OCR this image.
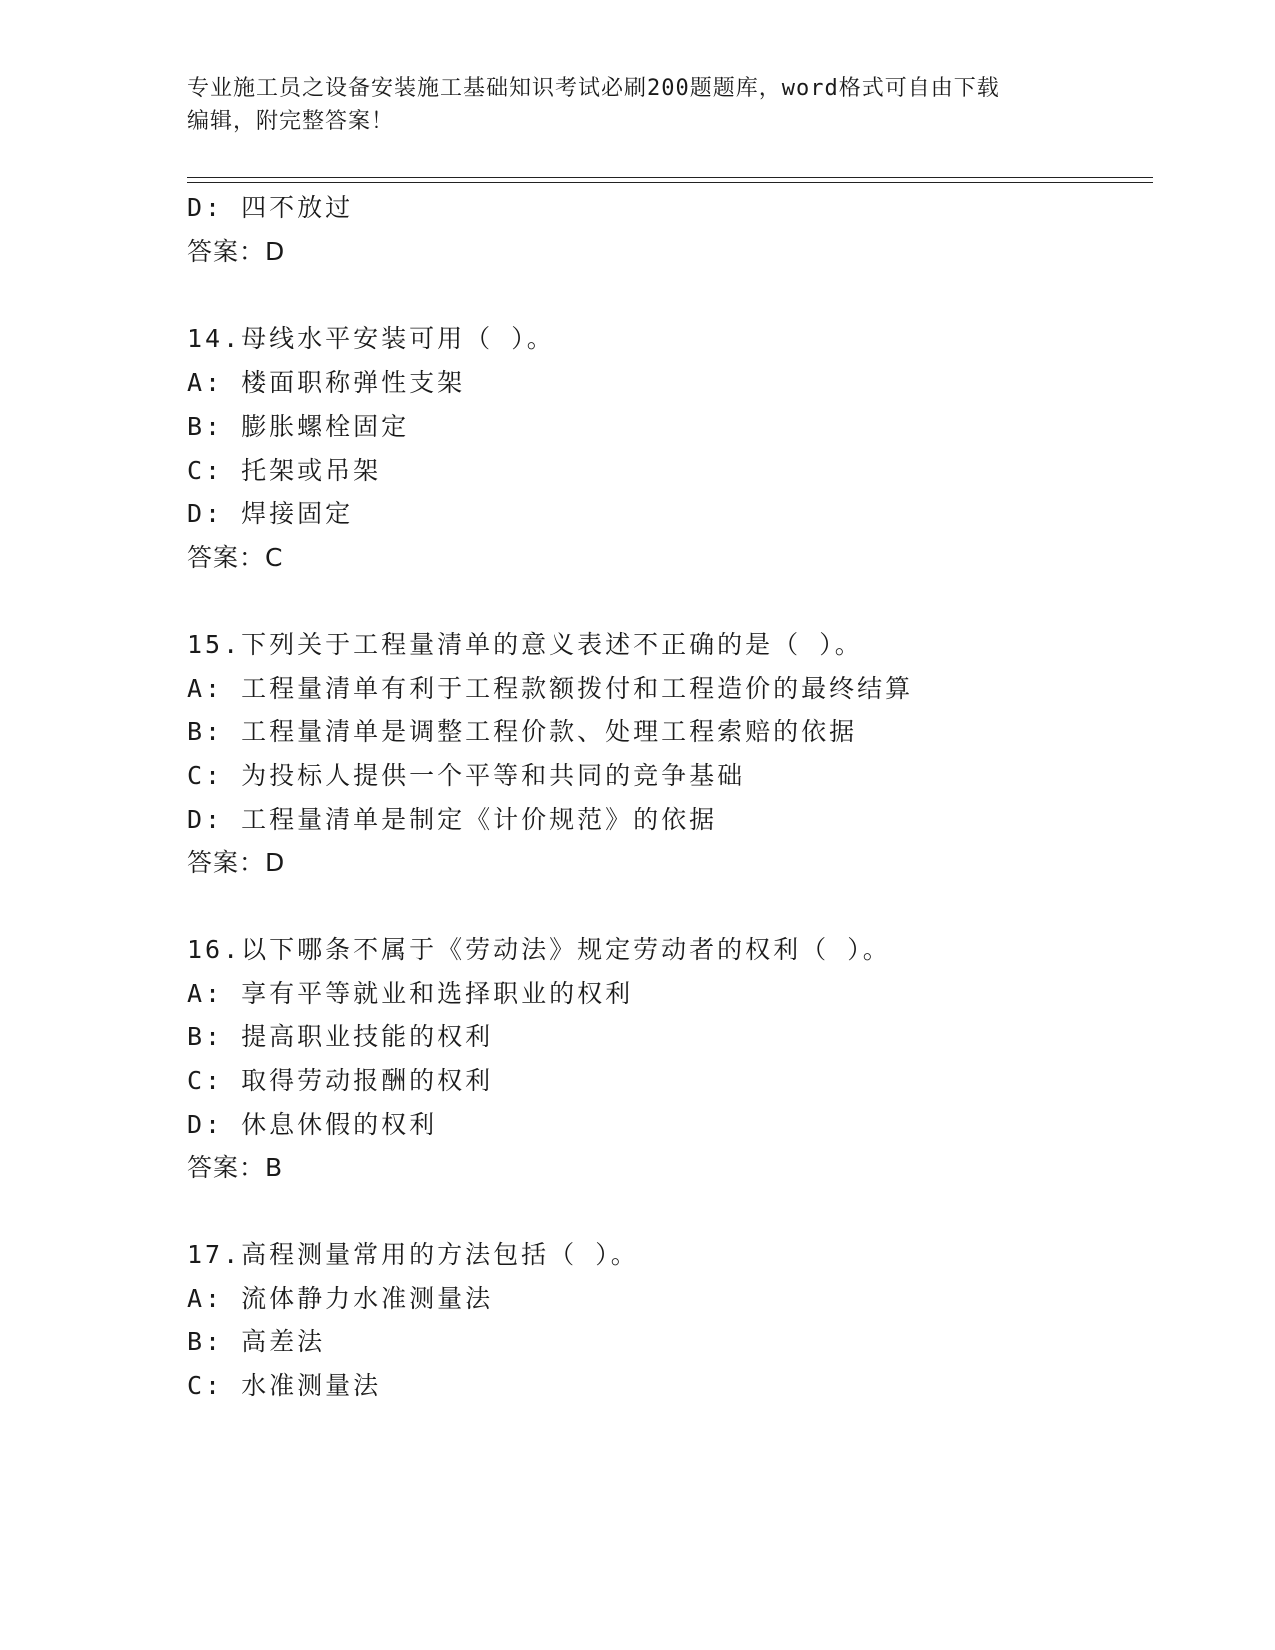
专业施工员之设备安装施工基础知识考试必刷200题题库，word格式可自由下载
编辑，附完整答案！
D: 四不放过
答案：D
14.母线水平安装可用（ ）。
A: 楼面职称弹性支架
B: 膨胀螺栓固定
C: 托架或吊架
D: 焊接固定
答案：C
15.下列关于工程量清单的意义表述不正确的是（ ）。
A: 工程量清单有利于工程款额拨付和工程造价的最终结算
B: 工程量清单是调整工程价款、处理工程索赔的依据
C: 为投标人提供一个平等和共同的竞争基础
D: 工程量清单是制定《计价规范》的依据
答案：D
16.以下哪条不属于《劳动法》规定劳动者的权利（ ）。
A: 享有平等就业和选择职业的权利
B: 提高职业技能的权利
C: 取得劳动报酬的权利
D: 休息休假的权利
答案：B
17.高程测量常用的方法包括（ ）。
A: 流体静力水准测量法
B: 高差法
C: 水准测量法
